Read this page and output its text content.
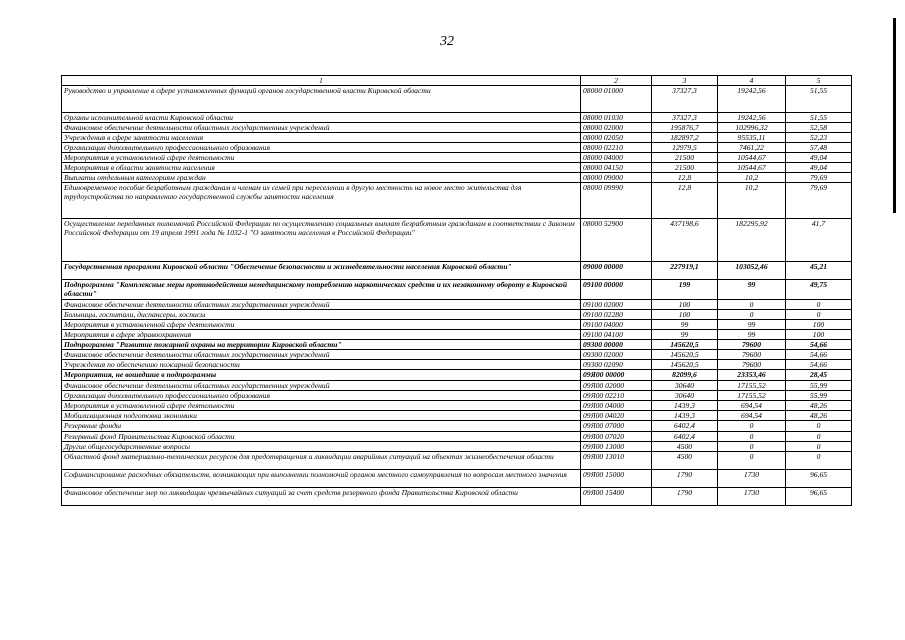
32
1	2	3	4	5
Руководство и управление в сфере установленных функций органов государственной власти Кировской области	08000 01000	37327,3	19242,56	51,55
Органы исполнительной власти Кировской области	08000 01030	37327,3	19242,56	51,55
Финансовое обеспечение деятельности областных государственных учреждений	08000 02000	195876,7	102996,32	52,58
Учреждения в сфере занятости населения	08000 02050	182897,2	95535,11	52,23
Организации дополнительного профессионального образования	08000 02210	12979,5	7461,22	57,48
Мероприятия в установленной сфере деятельности	08000 04000	21500	10544,67	49,04
Мероприятия в области занятости населения	08000 04150	21500	10544,67	49,04
Выплаты отдельным категориям граждан	08000 09000	12,8	10,2	79,69
Единовременное пособие безработным гражданам и членам их семей при переселении в другую местность на новое место жительства для трудоустройства по направлению государственной службы занятости населения	08000 09990	12,8	10,2	79,69
Осуществление переданных полномочий Российской Федерации по осуществлению социальных выплат безработным гражданам в соответствии с Законом Российской Федерации от 19 апреля 1991 года № 1032-1 "О занятости населения в Российской Федерации"	08000 52900	437198,6	182295,92	41,7
Государственная программа Кировской области "Обеспечение безопасности и жизнедеятельности населения Кировской области"	09000 00000	227919,1	103052,46	45,21
Подпрограмма "Комплексные меры противодействия немедицинскому потреблению наркотических средств и их незаконному обороту в Кировской области"	09100 00000	199	99	49,75
Финансовое обеспечение деятельности областных государственных учреждений	09100 02000	100	0	0
Больницы, госпитали, диспансеры, хосписы	09100 02280	100	0	0
Мероприятия в установленной сфере деятельности	09100 04000	99	99	100
Мероприятия в сфере здравоохранения	09100 04100	99	99	100
Подпрограмма "Развитие пожарной охраны на территории Кировской области"	09300 00000	145620,5	79600	54,66
Финансовое обеспечение деятельности областных государственных учреждений	09300 02000	145620,5	79600	54,66
Учреждения по обеспечению пожарной безопасности	09300 02090	145620,5	79600	54,66
Мероприятия, не вошедшие в подпрограммы	09Я00 00000	82099,6	23353,46	28,45
Финансовое обеспечение деятельности областных государственных учреждений	09Я00 02000	30640	17155,52	55,99
Организации дополнительного профессионального образования	09Я00 02210	30640	17155,52	55,99
Мероприятия в установленной сфере деятельности	09Я00 04000	1439,3	694,54	48,26
Мобилизационная подготовка экономики	09Я00 04020	1439,3	694,54	48,26
Резервные фонды	09Я00 07000	6402,4	0	0
Резервный фонд Правительства Кировской области	09Я00 07020	6402,4	0	0
Другие общегосударственные вопросы	09Я00 13000	4500	0	0
Областной фонд материально-технических ресурсов для предотвращения и ликвидации аварийных ситуаций на объектах жизнеобеспечения области	09Я00 13010	4500	0	0
Софинансирование расходных обязательств, возникающих при выполнении полномочий органов местного самоуправления по вопросам местного значения	09Я00 15000	1790	1730	96,65
Финансовое обеспечение мер по ликвидации чрезвычайных ситуаций за счет средств резервного фонда Правительства Кировской области	09Я00 15400	1790	1730	96,65
